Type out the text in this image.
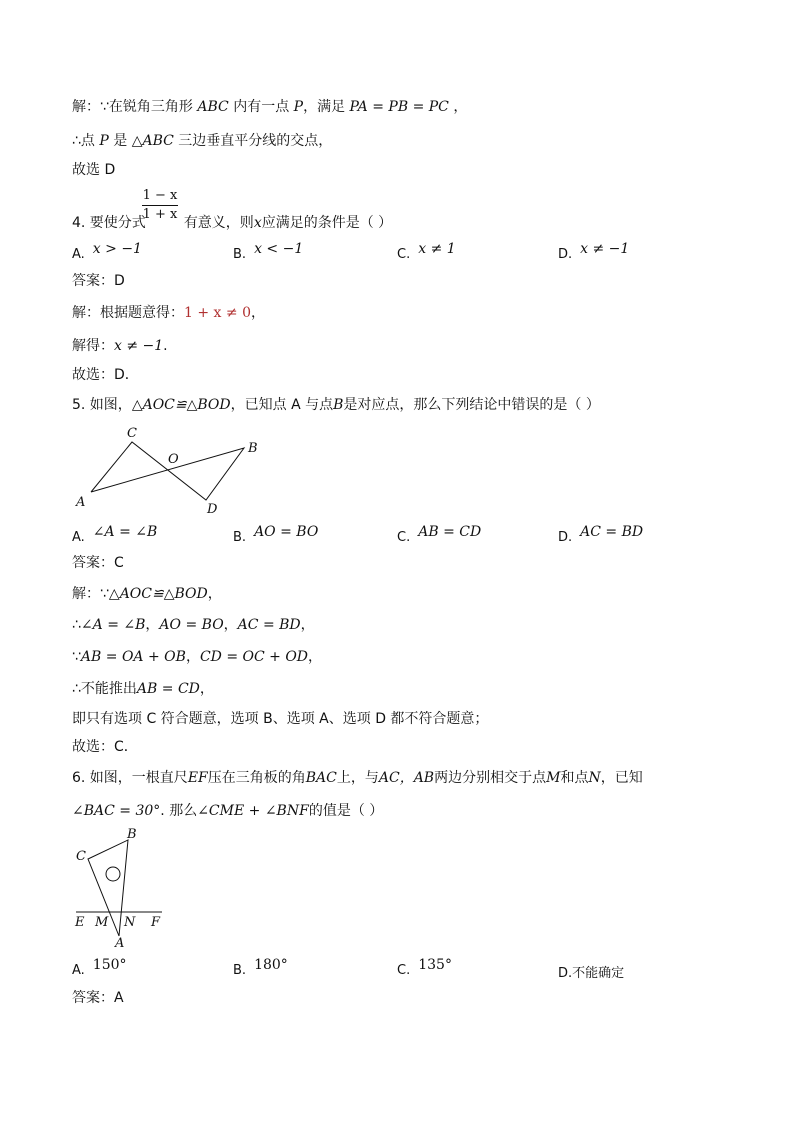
解：∵在锐角三角形 ABC 内有一点 P，满足 PA = PB = PC ，
∴点 P 是 △ABC 三边垂直平分线的交点，
故选 D
1 − x
1 + x
4. 要使分式	有意义，则x应满足的条件是（ ）
A. x > −1	B. x < −1	C. x ≠ 1	D. x ≠ −1
答案：D
解：根据题意得：1 + x ≠ 0，
解得：x ≠ −1.
故选：D．
5. 如图，△AOC≌△BOD，已知点 A 与点B是对应点，那么下列结论中错误的是（ ）
C
O
B
A	D
A. ∠A = ∠B	B. AO = BO	C. AB = CD	D. AC = BD
答案：C
解：∵△AOC≌△BOD，
∴∠A = ∠B，AO = BO，AC = BD，
∵AB = OA + OB，CD = OC + OD，
∴不能推出AB = CD，
即只有选项 C 符合题意，选项 B、选项 A、选项 D 都不符合题意；
故选：C．
6. 如图，一根直尺EF压在三角板的角BAC上，与AC，AB两边分别相交于点M和点N，已知
∠BAC = 30°. 那么∠CME + ∠BNF的值是（ ）
B
C
E M N F
A
A. 150°	B. 180°	C. 135°
D.不能确定
答案：A
